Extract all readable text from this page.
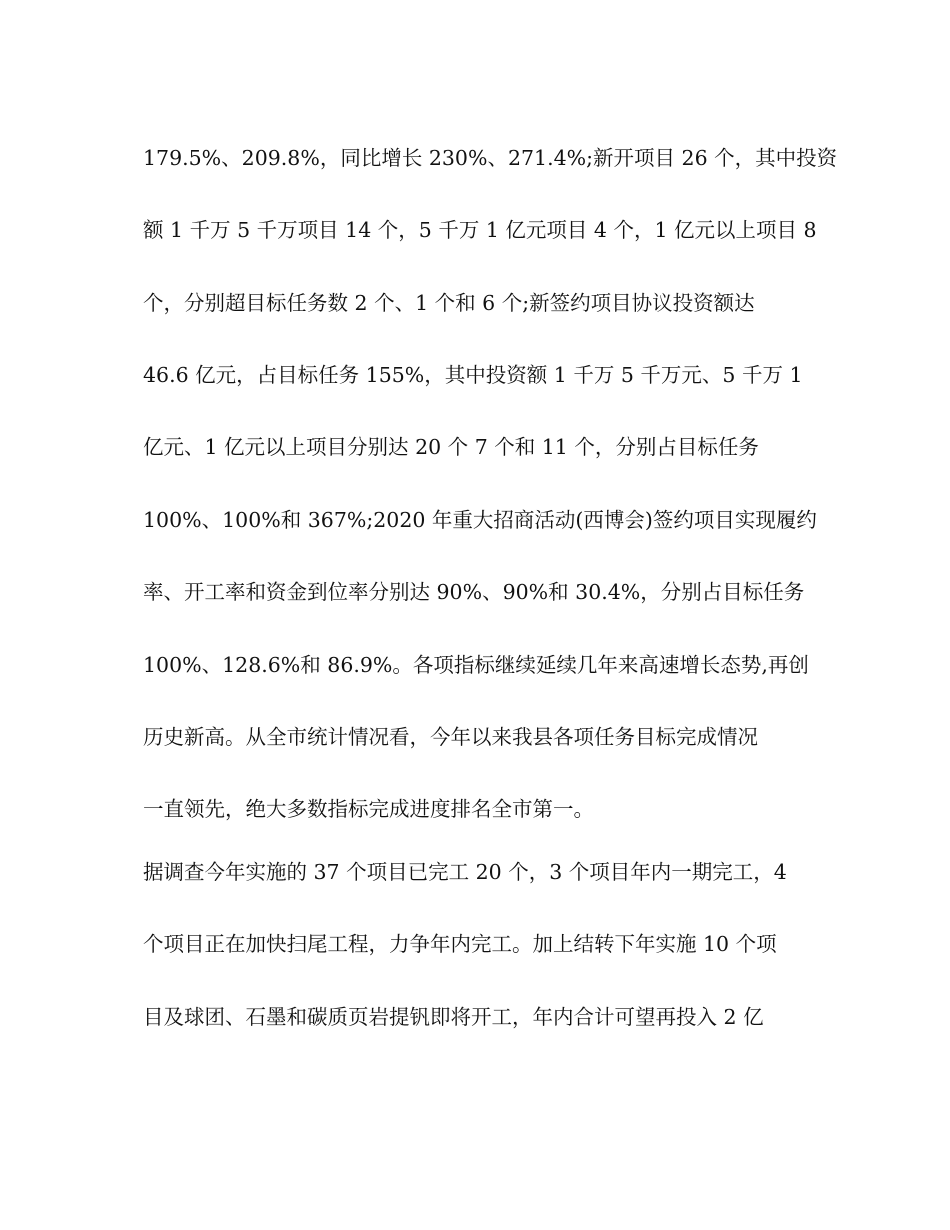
179.5%、209.8%，同比增长 230%、271.4%;新开项目 26 个，其中投资
额 1 千万 5 千万项目 14 个，5 千万 1 亿元项目 4 个，1 亿元以上项目 8
个，分别超目标任务数 2 个、1 个和 6 个;新签约项目协议投资额达
46.6 亿元，占目标任务 155%，其中投资额 1 千万 5 千万元、5 千万 1
亿元、1 亿元以上项目分别达 20 个 7 个和 11 个，分别占目标任务
100%、100%和 367%;2020 年重大招商活动(西博会)签约项目实现履约
率、开工率和资金到位率分别达 90%、90%和 30.4%，分别占目标任务
100%、128.6%和 86.9%。各项指标继续延续几年来高速增长态势,再创
历史新高。从全市统计情况看，今年以来我县各项任务目标完成情况
一直领先，绝大多数指标完成进度排名全市第一。
据调查今年实施的 37 个项目已完工 20 个，3 个项目年内一期完工，4
个项目正在加快扫尾工程，力争年内完工。加上结转下年实施 10 个项
目及球团、石墨和碳质页岩提钒即将开工，年内合计可望再投入 2 亿
